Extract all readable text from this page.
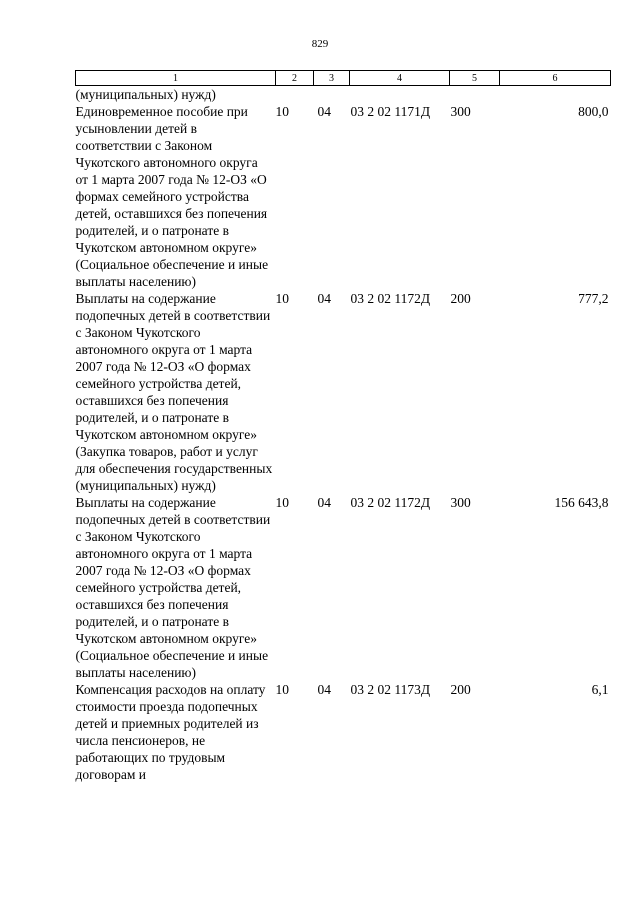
829
1	2	3	4	5	6
(муниципальных) нужд)					
Единовременное пособие при усыновлении детей в соответствии с Законом Чукотского автономного округа от 1 марта 2007 года № 12-ОЗ «О формах семейного устройства детей, оставшихся без попечения родителей, и о патронате в Чукотском автономном округе» (Социальное обеспечение и иные выплаты населению)	10	04	03 2 02 1171Д	300	800,0
Выплаты на содержание подопечных детей в соответствии с Законом Чукотского автономного округа от 1 марта 2007 года № 12-ОЗ «О формах семейного устройства детей, оставшихся без попечения родителей, и о патронате в Чукотском автономном округе» (Закупка товаров, работ и услуг для обеспечения государственных (муниципальных) нужд)	10	04	03 2 02 1172Д	200	777,2
Выплаты на содержание подопечных детей в соответствии с Законом Чукотского автономного округа от 1 марта 2007 года № 12-ОЗ «О формах семейного устройства детей, оставшихся без попечения родителей, и о патронате в Чукотском автономном округе» (Социальное обеспечение и иные выплаты населению)	10	04	03 2 02 1172Д	300	156 643,8
Компенсация расходов на оплату стоимости проезда подопечных детей и приемных родителей из числа пенсионеров, не работающих по трудовым договорам и	10	04	03 2 02 1173Д	200	6,1
